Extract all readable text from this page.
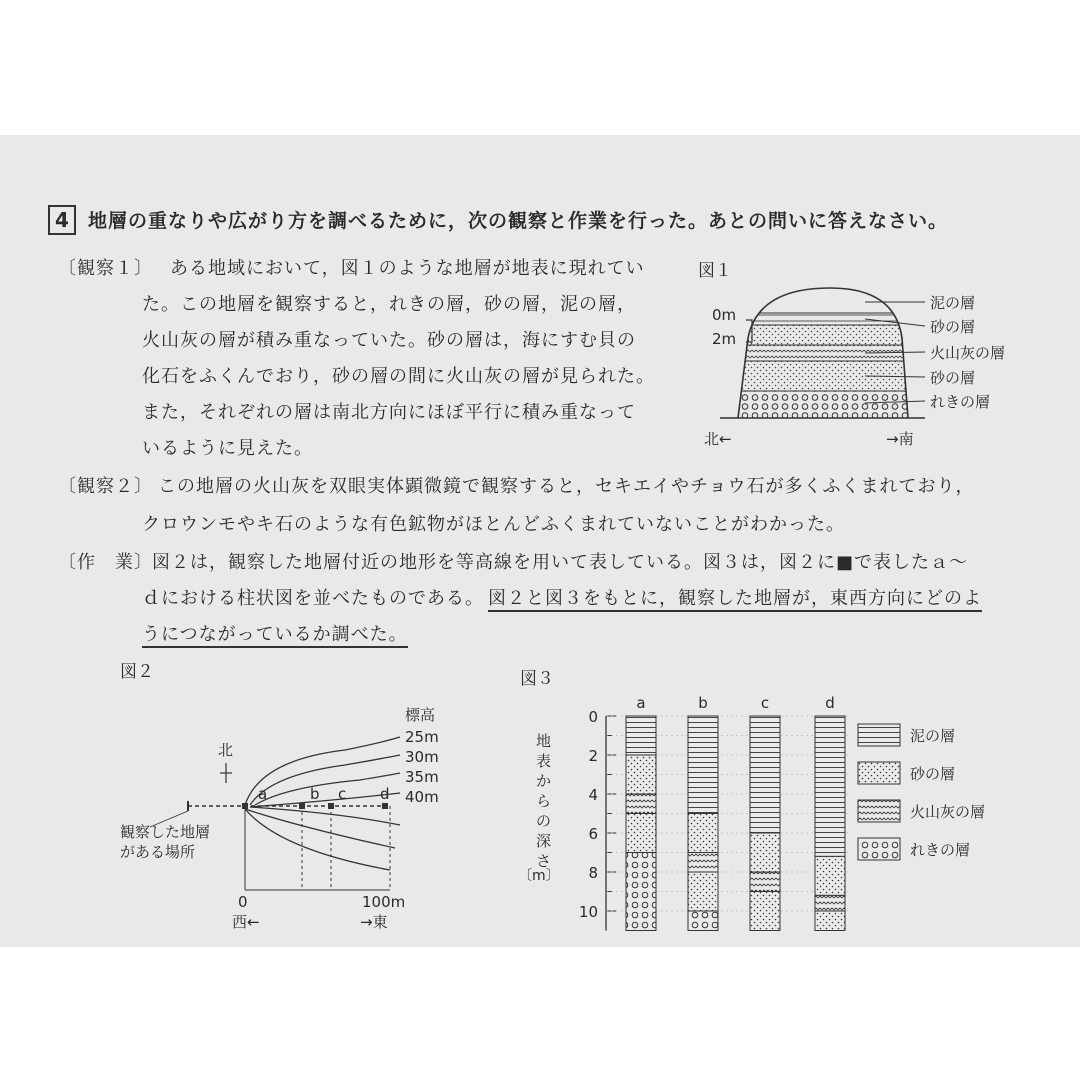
4	地層の重なりや広がり方を調べるために，次の観察と作業を行った。あとの問いに答えなさい。
〔観察１〕 ある地域において，図１のような地層が地表に現れてい
た。この地層を観察すると，れきの層，砂の層，泥の層，
火山灰の層が積み重なっていた。砂の層は，海にすむ貝の
化石をふくんでおり，砂の層の間に火山灰の層が見られた。
また，それぞれの層は南北方向にほぼ平行に積み重なって
いるように見えた。
〔観察２〕 この地層の火山灰を双眼実体顕微鏡で観察すると，セキエイやチョウ石が多くふくまれており，
クロウンモやキ石のような有色鉱物がほとんどふくまれていないことがわかった。
〔作　業〕 図２は，観察した地層付近の地形を等高線を用いて表している。図３は，図２に■で表したａ～
ｄにおける柱状図を並べたものである。 図２と図３をもとに，観察した地層が，東西方向にどのよ
うにつながっているか調べた。
図１
0m
2m
泥の層
砂の層
火山灰の層
砂の層
れきの層
北←	→南
図２
北
標高
25m
30m
35m
40m
a	b c d
観察した地層
がある場所
0	100m
西←	→東
図３
地
表
か
ら
の
深
さ
〔m〕
0
2
4
6
8
10
a	b	c	d
泥の層
砂の層
火山灰の層
れきの層
